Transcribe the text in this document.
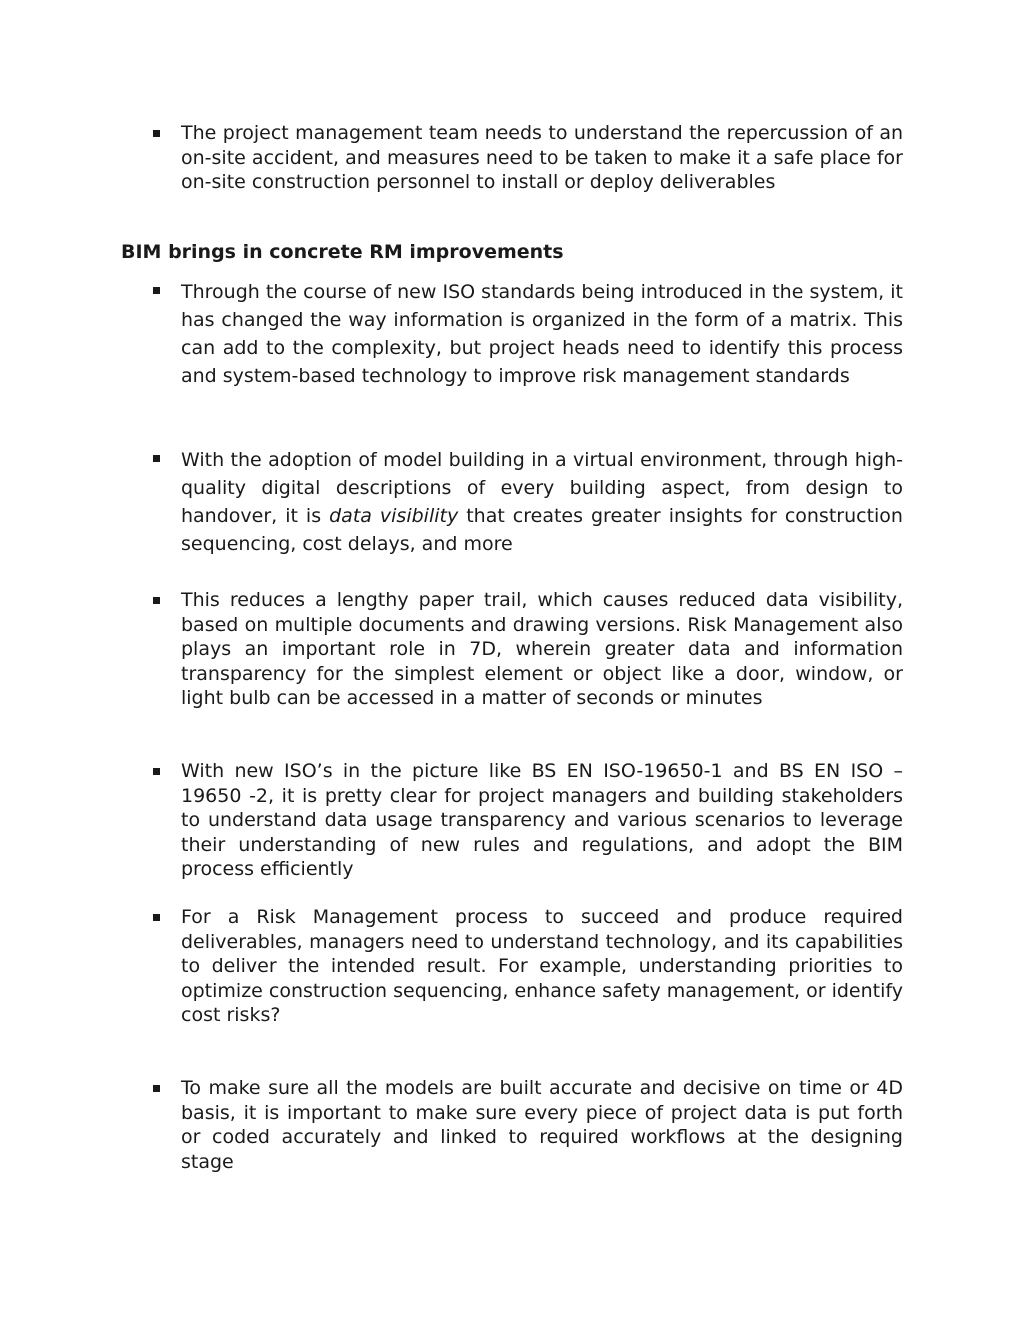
The project management team needs to understand the repercussion of an on-site accident, and measures need to be taken to make it a safe place for on-site construction personnel to install or deploy deliverables

BIM brings in concrete RM improvements

Through the course of new ISO standards being introduced in the system, it has changed the way information is organized in the form of a matrix. This can add to the complexity, but project heads need to identify this process and system-based technology to improve risk management standards

With the adoption of model building in a virtual environment, through high-quality digital descriptions of every building aspect, from design to handover, it is data visibility that creates greater insights for construction sequencing, cost delays, and more

This reduces a lengthy paper trail, which causes reduced data visibility, based on multiple documents and drawing versions. Risk Management also plays an important role in 7D, wherein greater data and information transparency for the simplest element or object like a door, window, or light bulb can be accessed in a matter of seconds or minutes

With new ISO’s in the picture like BS EN ISO-19650-1 and BS EN ISO – 19650 -2, it is pretty clear for project managers and building stakeholders to understand data usage transparency and various scenarios to leverage their understanding of new rules and regulations, and adopt the BIM process efficiently

For a Risk Management process to succeed and produce required deliverables, managers need to understand technology, and its capabilities to deliver the intended result. For example, understanding priorities to optimize construction sequencing, enhance safety management, or identify cost risks?

To make sure all the models are built accurate and decisive on time or 4D basis, it is important to make sure every piece of project data is put forth or coded accurately and linked to required workflows at the designing stage
